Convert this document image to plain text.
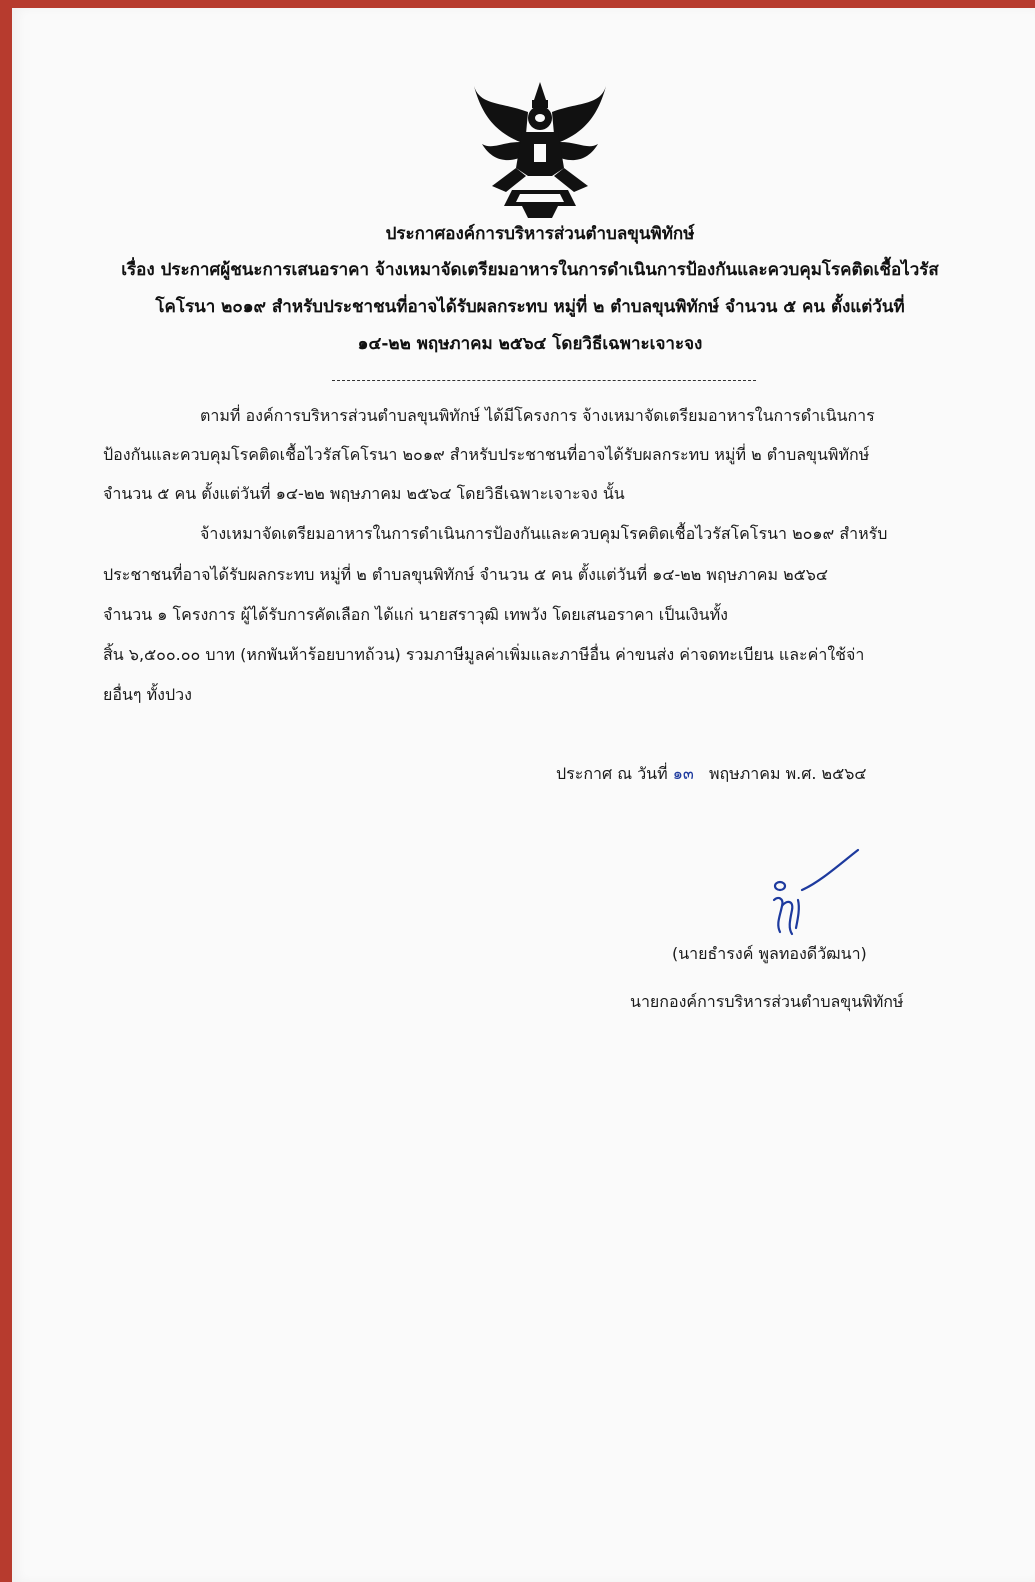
ประกาศองค์การบริหารส่วนตำบลขุนพิทักษ์
เรื่อง ประกาศผู้ชนะการเสนอราคา จ้างเหมาจัดเตรียมอาหารในการดำเนินการป้องกันและควบคุมโรคติดเชื้อไวรัส
โคโรนา ๒๐๑๙ สำหรับประชาชนที่อาจได้รับผลกระทบ หมู่ที่ ๒ ตำบลขุนพิทักษ์ จำนวน ๕ คน ตั้งแต่วันที่
๑๔-๒๒ พฤษภาคม ๒๕๖๔ โดยวิธีเฉพาะเจาะจง
ตามที่ องค์การบริหารส่วนตำบลขุนพิทักษ์ ได้มีโครงการ จ้างเหมาจัดเตรียมอาหารในการดำเนินการ
ป้องกันและควบคุมโรคติดเชื้อไวรัสโคโรนา ๒๐๑๙ สำหรับประชาชนที่อาจได้รับผลกระทบ หมู่ที่ ๒ ตำบลขุนพิทักษ์
จำนวน ๕ คน ตั้งแต่วันที่ ๑๔-๒๒ พฤษภาคม ๒๕๖๔ โดยวิธีเฉพาะเจาะจง นั้น
จ้างเหมาจัดเตรียมอาหารในการดำเนินการป้องกันและควบคุมโรคติดเชื้อไวรัสโคโรนา ๒๐๑๙ สำหรับ
ประชาชนที่อาจได้รับผลกระทบ หมู่ที่ ๒ ตำบลขุนพิทักษ์ จำนวน ๕ คน ตั้งแต่วันที่ ๑๔-๒๒ พฤษภาคม ๒๕๖๔
จำนวน ๑ โครงการ ผู้ได้รับการคัดเลือก ได้แก่ นายสราวุฒิ เทพวัง โดยเสนอราคา เป็นเงินทั้ง
สิ้น ๖,๕๐๐.๐๐ บาท (หกพันห้าร้อยบาทถ้วน) รวมภาษีมูลค่าเพิ่มและภาษีอื่น ค่าขนส่ง ค่าจดทะเบียน และค่าใช้จ่า
ยอื่นๆ ทั้งปวง
ประกาศ ณ วันที่ ๑๓ พฤษภาคม พ.ศ. ๒๕๖๔
(นายธำรงค์ พูลทองดีวัฒนา)
นายกองค์การบริหารส่วนตำบลขุนพิทักษ์
